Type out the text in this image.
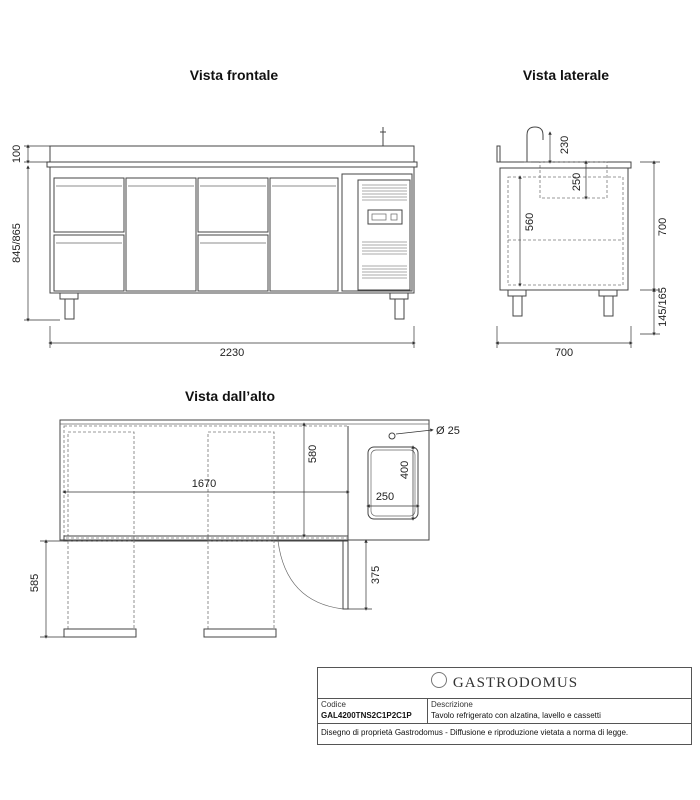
Vista frontale	Vista laterale
Vista dall’alto
100
845/865
2230
230
250
560	700
145/165
700
Ø 25
580
1670
400
250
585	375
GASTRODOMUS
Codice
GAL4200TNS2C1P2C1P
Descrizione
Tavolo refrigerato con alzatina, lavello e cassetti
Disegno di proprietà Gastrodomus - Diffusione e riproduzione vietata a norma di legge.
